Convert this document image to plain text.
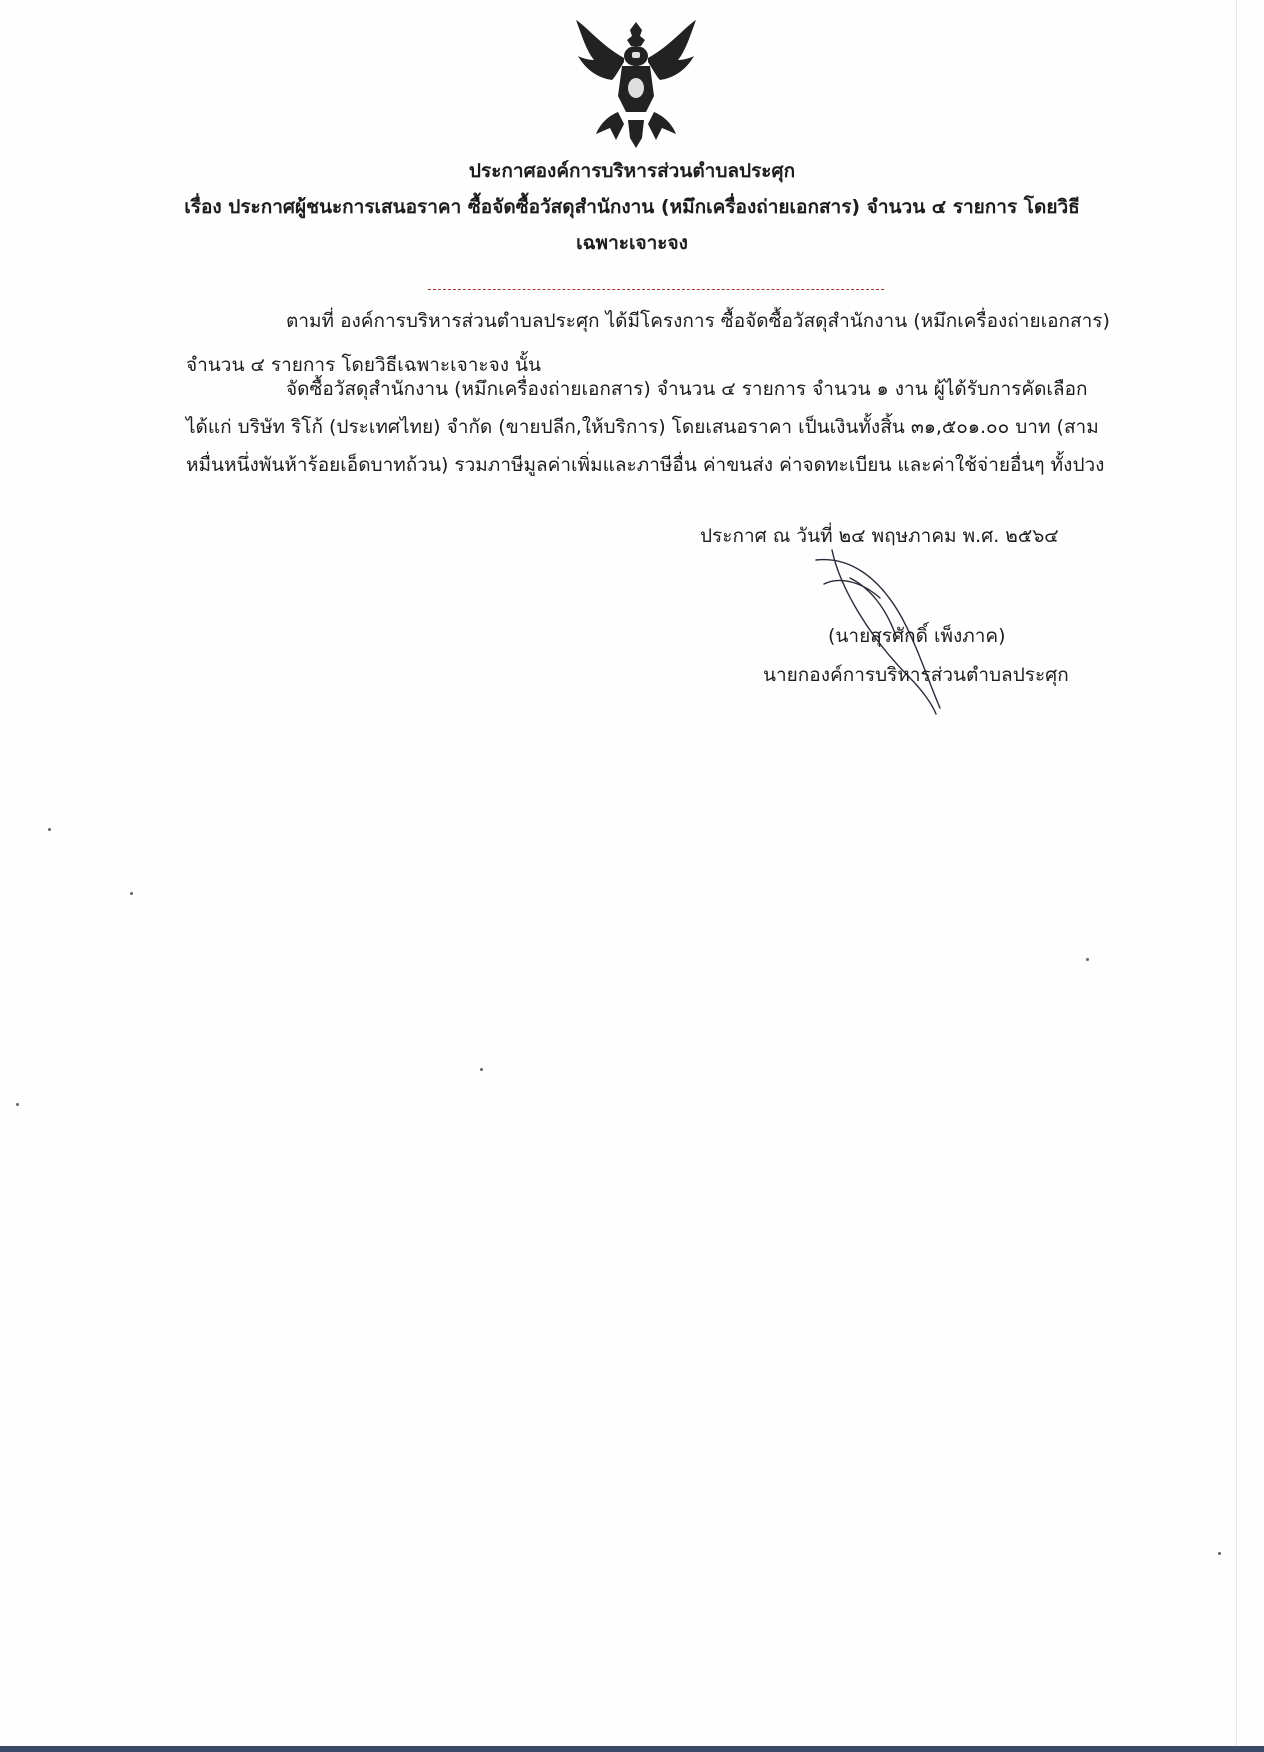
ประกาศองค์การบริหารส่วนตำบลประศุก
เรื่อง ประกาศผู้ชนะการเสนอราคา ซื้อจัดซื้อวัสดุสำนักงาน (หมึกเครื่องถ่ายเอกสาร) จำนวน ๔ รายการ โดยวิธี
เฉพาะเจาะจง
ตามที่ องค์การบริหารส่วนตำบลประศุก ได้มีโครงการ ซื้อจัดซื้อวัสดุสำนักงาน (หมึกเครื่องถ่ายเอกสาร)
จำนวน ๔ รายการ โดยวิธีเฉพาะเจาะจง นั้น
จัดซื้อวัสดุสำนักงาน (หมึกเครื่องถ่ายเอกสาร) จำนวน ๔ รายการ จำนวน ๑ งาน ผู้ได้รับการคัดเลือก
ได้แก่ บริษัท ริโก้ (ประเทศไทย) จำกัด (ขายปลีก,ให้บริการ) โดยเสนอราคา เป็นเงินทั้งสิ้น ๓๑,๕๐๑.๐๐ บาท (สาม
หมื่นหนึ่งพันห้าร้อยเอ็ดบาทถ้วน) รวมภาษีมูลค่าเพิ่มและภาษีอื่น ค่าขนส่ง ค่าจดทะเบียน และค่าใช้จ่ายอื่นๆ ทั้งปวง
ประกาศ ณ วันที่ ๒๔ พฤษภาคม พ.ศ. ๒๕๖๔
(นายสุรศักดิ์ เพ็งภาค)
นายกองค์การบริหารส่วนตำบลประศุก
